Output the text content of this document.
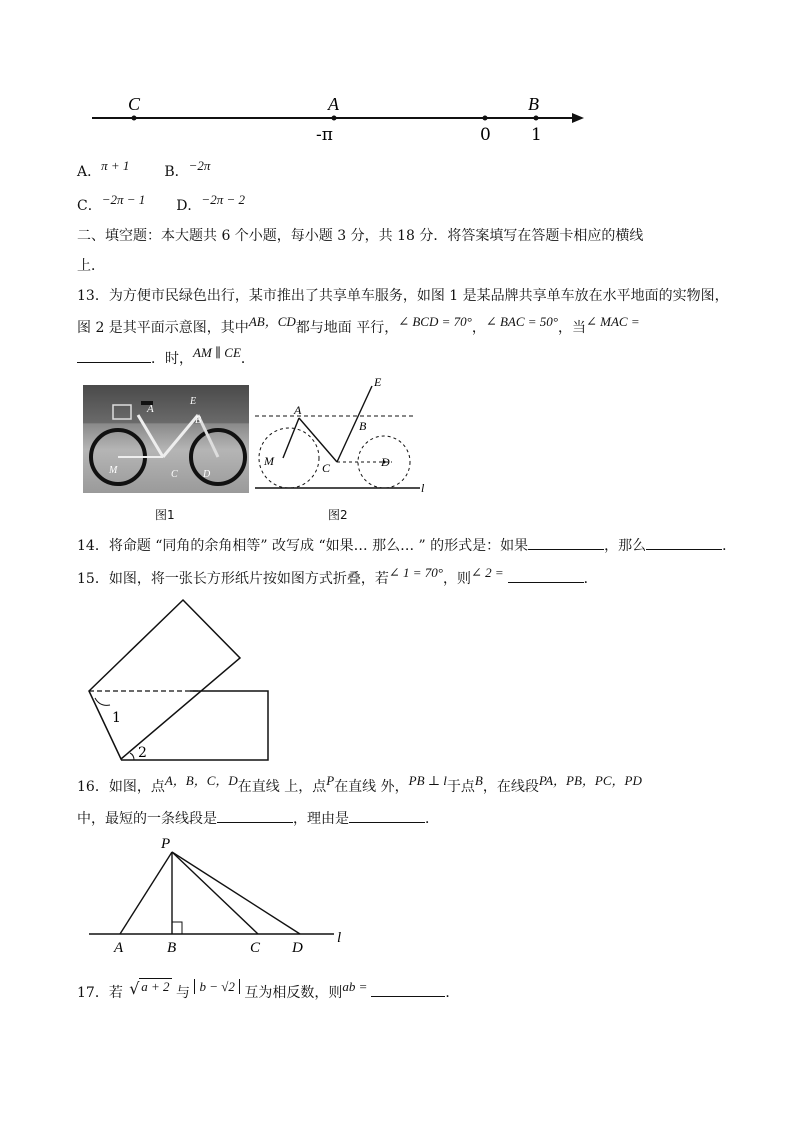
C	A	B
-π	0 1
A．π + 1 B．−2π
C．−2π − 1 D．−2π − 2
二、填空题：本大题共 6 个小题，每小题 3 分，共 18 分．将答案填写在答题卡相应的横线
上．
13．为方便市民绿色出行，某市推出了共享单车服务，如图 1 是某品牌共享单车放在水平地面的实物图，
图 2 是其平面示意图，其中AB，CD都与地面 平行，∠ BCD = 70°，∠ BAC = 50°，当∠ MAC =
．时，AM ∥ CE．
A
E
B
M	C	D
E
A
B
M	C	D
l
图1	图2
14．将命题 “同角的余角相等” 改写成 “如果… 那么… ” 的形式是：如果	，那么	．
15．如图，将一张长方形纸片按如图方式折叠，若∠ 1 = 70°，则∠ 2 =	．
1
2
16．如图，点A，B，C，D在直线 上，点P在直线 外，PB ⊥ l于点B，在线段PA，PB，PC，PD
中，最短的一条线段是	，理由是	．
P
A	B	C D
l
17．若 √ a + 2 与 b − √2 互为相反数，则ab =	．
